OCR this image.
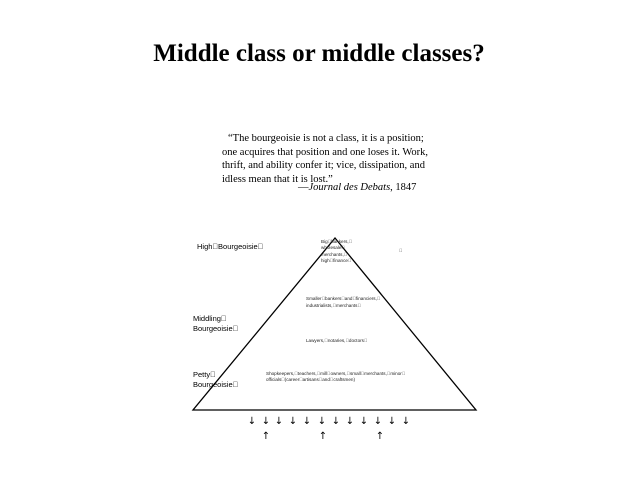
Middle class or middle classes?
“The bourgeoisie is not a class, it is a position;
one acquires that position and one loses it. Work,
thrift, and ability confer it; vice, dissipation, and
idless mean that it is lost.”
—Journal des Debats, 1847
↓ ↓ ↓ ↓ ↓ ↓ ↓ ↓ ↓ ↓ ↓ ↓
↑	↑	↑
High Bourgeoisie 
Middling 
Bourgeoisie 
Petty 
Bourgeoisie 
Big bankers, 
wholesale 
merchants, 
high finance 
 
Smaller bankers and financiers, 
industrialists, merchants 
Lawyers, notaries, doctors 
Shopkeepers, teachers, mill owners, small merchants, minor 
officials (career artisans and craftsmen)
